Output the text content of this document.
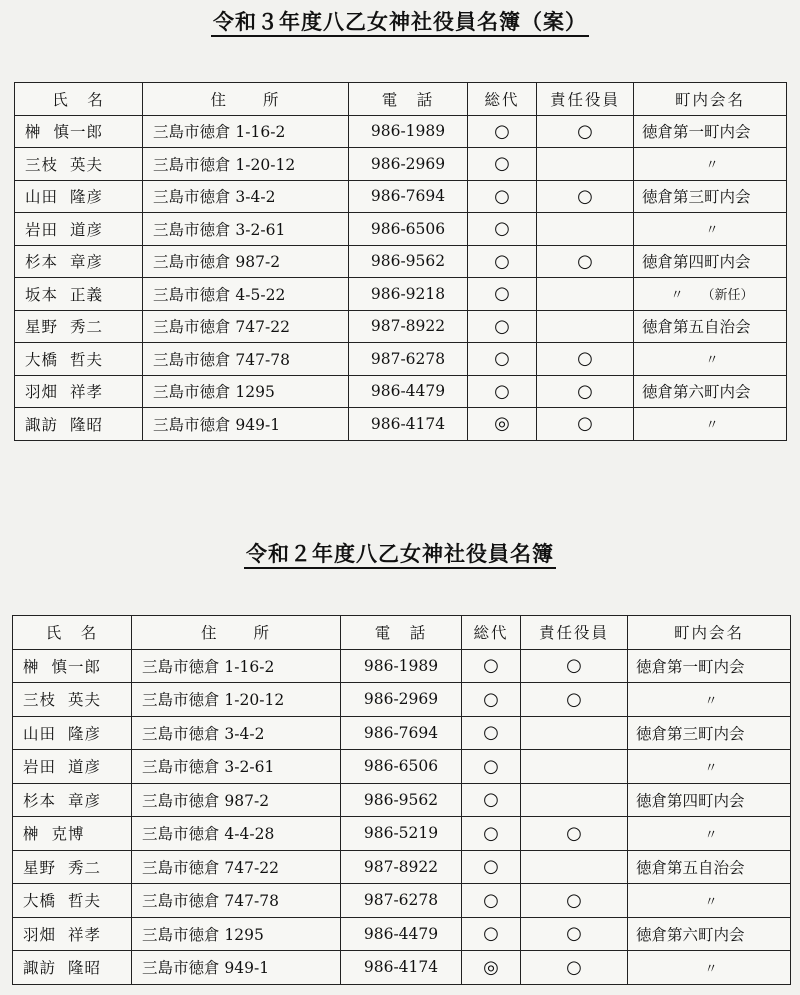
令和３年度八乙女神社役員名簿（案）
氏　名	住　　所	電　話	総代	責任役員	町内会名
榊 慎一郎	三島市徳倉 1-16-2	986-1989	○	○	徳倉第一町内会
三枝 英夫	三島市徳倉 1-20-12	986-2969	○		〃
山田 隆彦	三島市徳倉 3-4-2	986-7694	○	○	徳倉第三町内会
岩田 道彦	三島市徳倉 3-2-61	986-6506	○		〃
杉本 章彦	三島市徳倉 987-2	986-9562	○	○	徳倉第四町内会
坂本 正義	三島市徳倉 4-5-22	986-9218	○		〃 （新任）
星野 秀二	三島市徳倉 747-22	987-8922	○		徳倉第五自治会
大橋 哲夫	三島市徳倉 747-78	987-6278	○	○	〃
羽畑 祥孝	三島市徳倉 1295	986-4479	○	○	徳倉第六町内会
諏訪 隆昭	三島市徳倉 949-1	986-4174	◎	○	〃
令和２年度八乙女神社役員名簿
氏　名	住　　所	電　話	総代	責任役員	町内会名
榊 慎一郎	三島市徳倉 1-16-2	986-1989	○	○	徳倉第一町内会
三枝 英夫	三島市徳倉 1-20-12	986-2969	○	○	〃
山田 隆彦	三島市徳倉 3-4-2	986-7694	○		徳倉第三町内会
岩田 道彦	三島市徳倉 3-2-61	986-6506	○		〃
杉本 章彦	三島市徳倉 987-2	986-9562	○		徳倉第四町内会
榊 克博	三島市徳倉 4-4-28	986-5219	○	○	〃
星野 秀二	三島市徳倉 747-22	987-8922	○		徳倉第五自治会
大橋 哲夫	三島市徳倉 747-78	987-6278	○	○	〃
羽畑 祥孝	三島市徳倉 1295	986-4479	○	○	徳倉第六町内会
諏訪 隆昭	三島市徳倉 949-1	986-4174	◎	○	〃
